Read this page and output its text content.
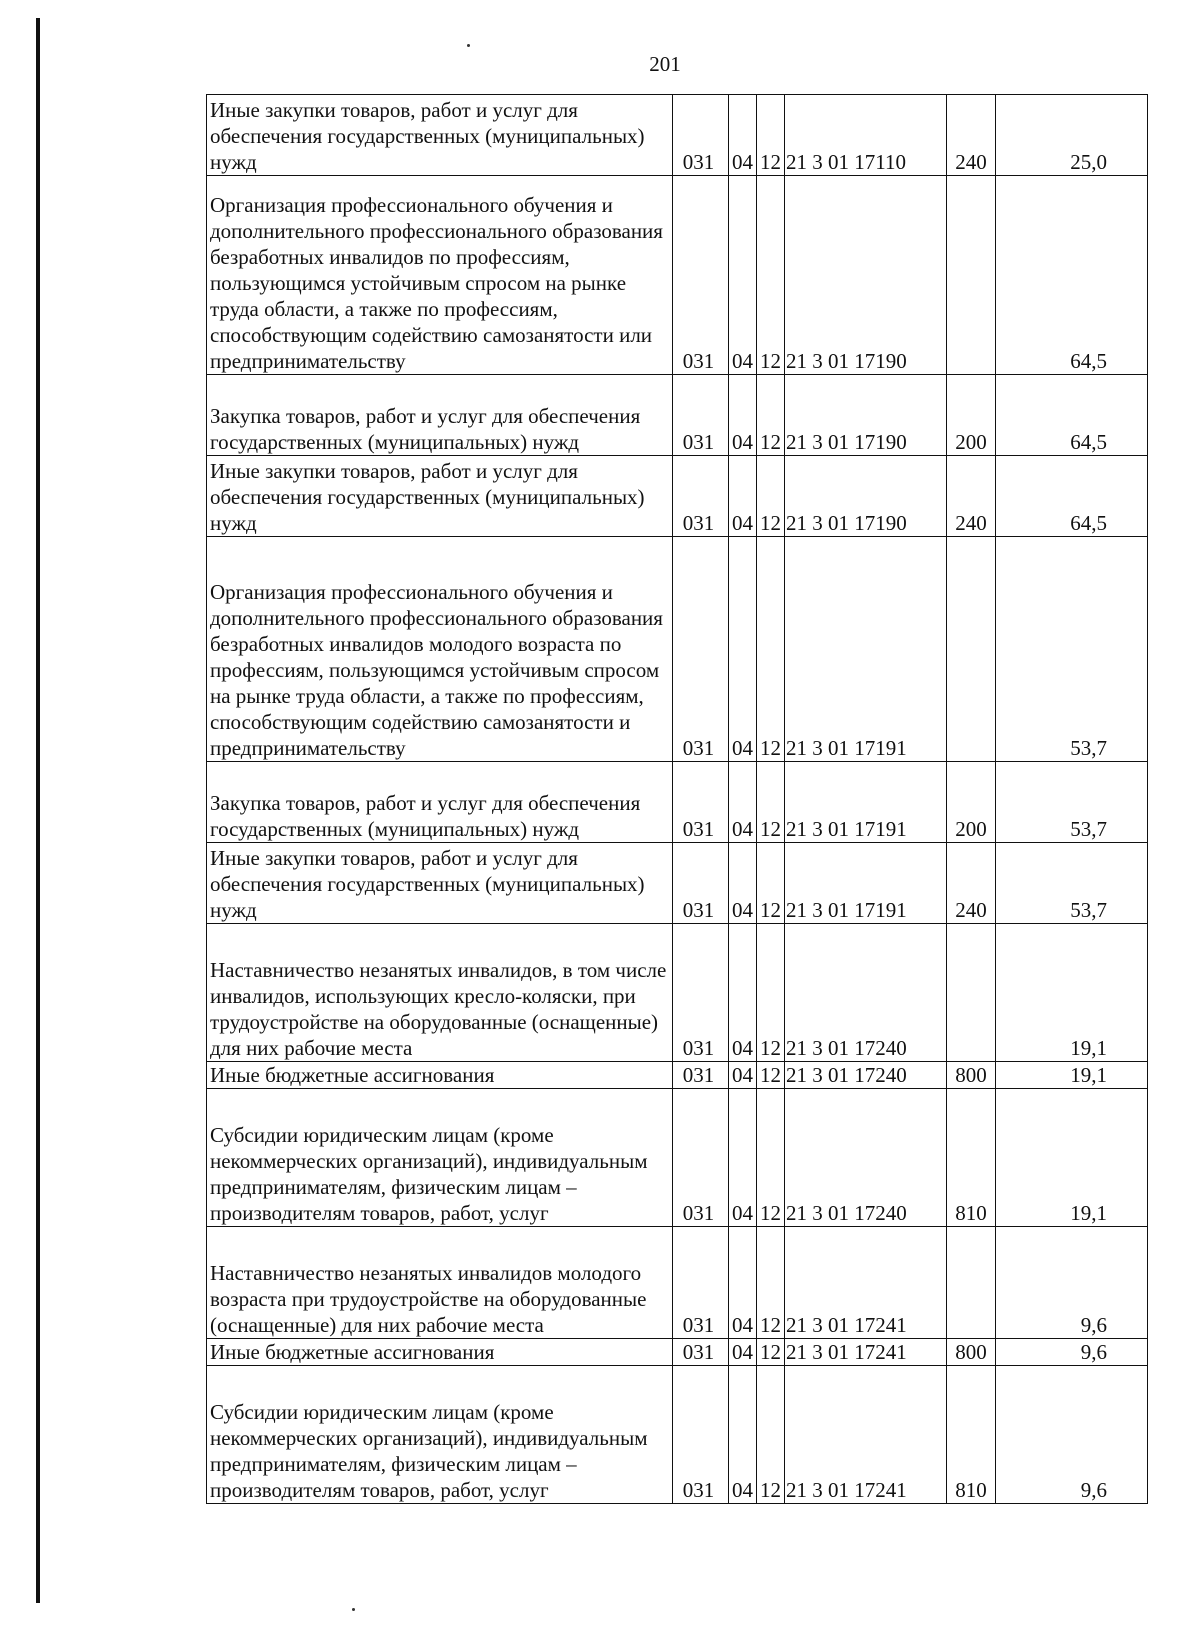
201
Иные закупки товаров, работ и услуг для обеспечения государственных (муниципальных) нужд	031	04	12	21 3 01 17110	240	25,0
Организация профессионального обучения и дополнительного профессионального образования безработных инвалидов по профессиям, пользующимся устойчивым спросом на рынке труда области, а также по профессиям, способствующим содействию самозанятости или предпринимательству	031	04	12	21 3 01 17190		64,5
Закупка товаров, работ и услуг для обеспечения государственных (муниципальных) нужд	031	04	12	21 3 01 17190	200	64,5
Иные закупки товаров, работ и услуг для обеспечения государственных (муниципальных) нужд	031	04	12	21 3 01 17190	240	64,5
Организация профессионального обучения и дополнительного профессионального образования безработных инвалидов молодого возраста по профессиям, пользующимся устойчивым спросом на рынке труда области, а также по профессиям, способствующим содействию самозанятости и предпринимательству	031	04	12	21 3 01 17191		53,7
Закупка товаров, работ и услуг для обеспечения государственных (муниципальных) нужд	031	04	12	21 3 01 17191	200	53,7
Иные закупки товаров, работ и услуг для обеспечения государственных (муниципальных) нужд	031	04	12	21 3 01 17191	240	53,7
Наставничество незанятых инвалидов, в том числе инвалидов, использующих кресло-коляски, при трудоустройстве на оборудованные (оснащенные) для них рабочие места	031	04	12	21 3 01 17240		19,1
Иные бюджетные ассигнования	031	04	12	21 3 01 17240	800	19,1
Субсидии юридическим лицам (кроме некоммерческих организаций), индивидуальным предпринимателям, физическим лицам – производителям товаров, работ, услуг	031	04	12	21 3 01 17240	810	19,1
Наставничество незанятых инвалидов молодого возраста при трудоустройстве на оборудованные (оснащенные) для них рабочие места	031	04	12	21 3 01 17241		9,6
Иные бюджетные ассигнования	031	04	12	21 3 01 17241	800	9,6
Субсидии юридическим лицам (кроме некоммерческих организаций), индивидуальным предпринимателям, физическим лицам – производителям товаров, работ, услуг	031	04	12	21 3 01 17241	810	9,6
